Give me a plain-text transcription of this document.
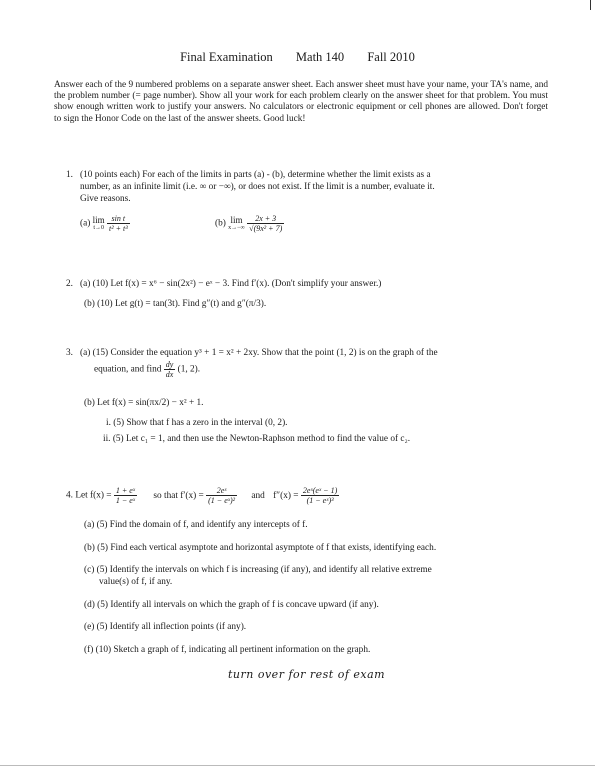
Final Examination Math 140 Fall 2010
Answer each of the 9 numbered problems on a separate answer sheet. Each answer sheet must have your name, your TA's name, and the problem number (= page number). Show all your work for each problem clearly on the answer sheet for that problem. You must show enough written work to justify your answers. No calculators or electronic equipment or cell phones are allowed. Don't forget to sign the Honor Code on the last of the answer sheets. Good luck!
1. (10 points each) For each of the limits in parts (a) - (b), determine whether the limit exists as a
number, as an infinite limit (i.e. ∞ or −∞), or does not exist. If the limit is a number, evaluate it.
Give reasons.
(a) lim
t→0
$\frac{\text{sin t}}{\text{t² + t³}}$	(b) lim
x→−∞
$\frac{2x + 3}{\text{√(9x² + 7)}}$
2. (a) (10) Let f(x) = x⁶ − sin(2x²) − eˣ − 3. Find f′(x). (Don't simplify your answer.)
(b) (10) Let g(t) = tan(3t). Find g″(t) and g″(π/3).
3. (a) (15) Consider the equation y³ + 1 = x² + 2xy. Show that the point (1, 2) is on the graph of the
equation, and find $\frac{dy}{dx} (1$, 2).
(b) Let f(x) = sin(πx/2) − x² + 1.
i. (5) Show that f has a zero in the interval (0, 2).
ii. (5) Let c₁ = 1, and then use the Newton-Raphson method to find the value of c₂.
4. Let $f(x) = \frac{\text{1 + eˣ}}{\text{1 − eˣ}}$ so that $f'(x) = \frac{\text{2eˣ}}{\text{(1 − eˣ)²}}$ and $f''(x) = \frac{\text{2eˣ(eˣ − 1)}}{\text{(1 − eˣ)³}}$
(a) (5) Find the domain of f, and identify any intercepts of f.
(b) (5) Find each vertical asymptote and horizontal asymptote of f that exists, identifying each.
(c) (5) Identify the intervals on which f is increasing (if any), and identify all relative extreme
value(s) of f, if any.
(d) (5) Identify all intervals on which the graph of f is concave upward (if any).
(e) (5) Identify all inflection points (if any).
(f) (10) Sketch a graph of f, indicating all pertinent information on the graph.
turn over for rest of exam
